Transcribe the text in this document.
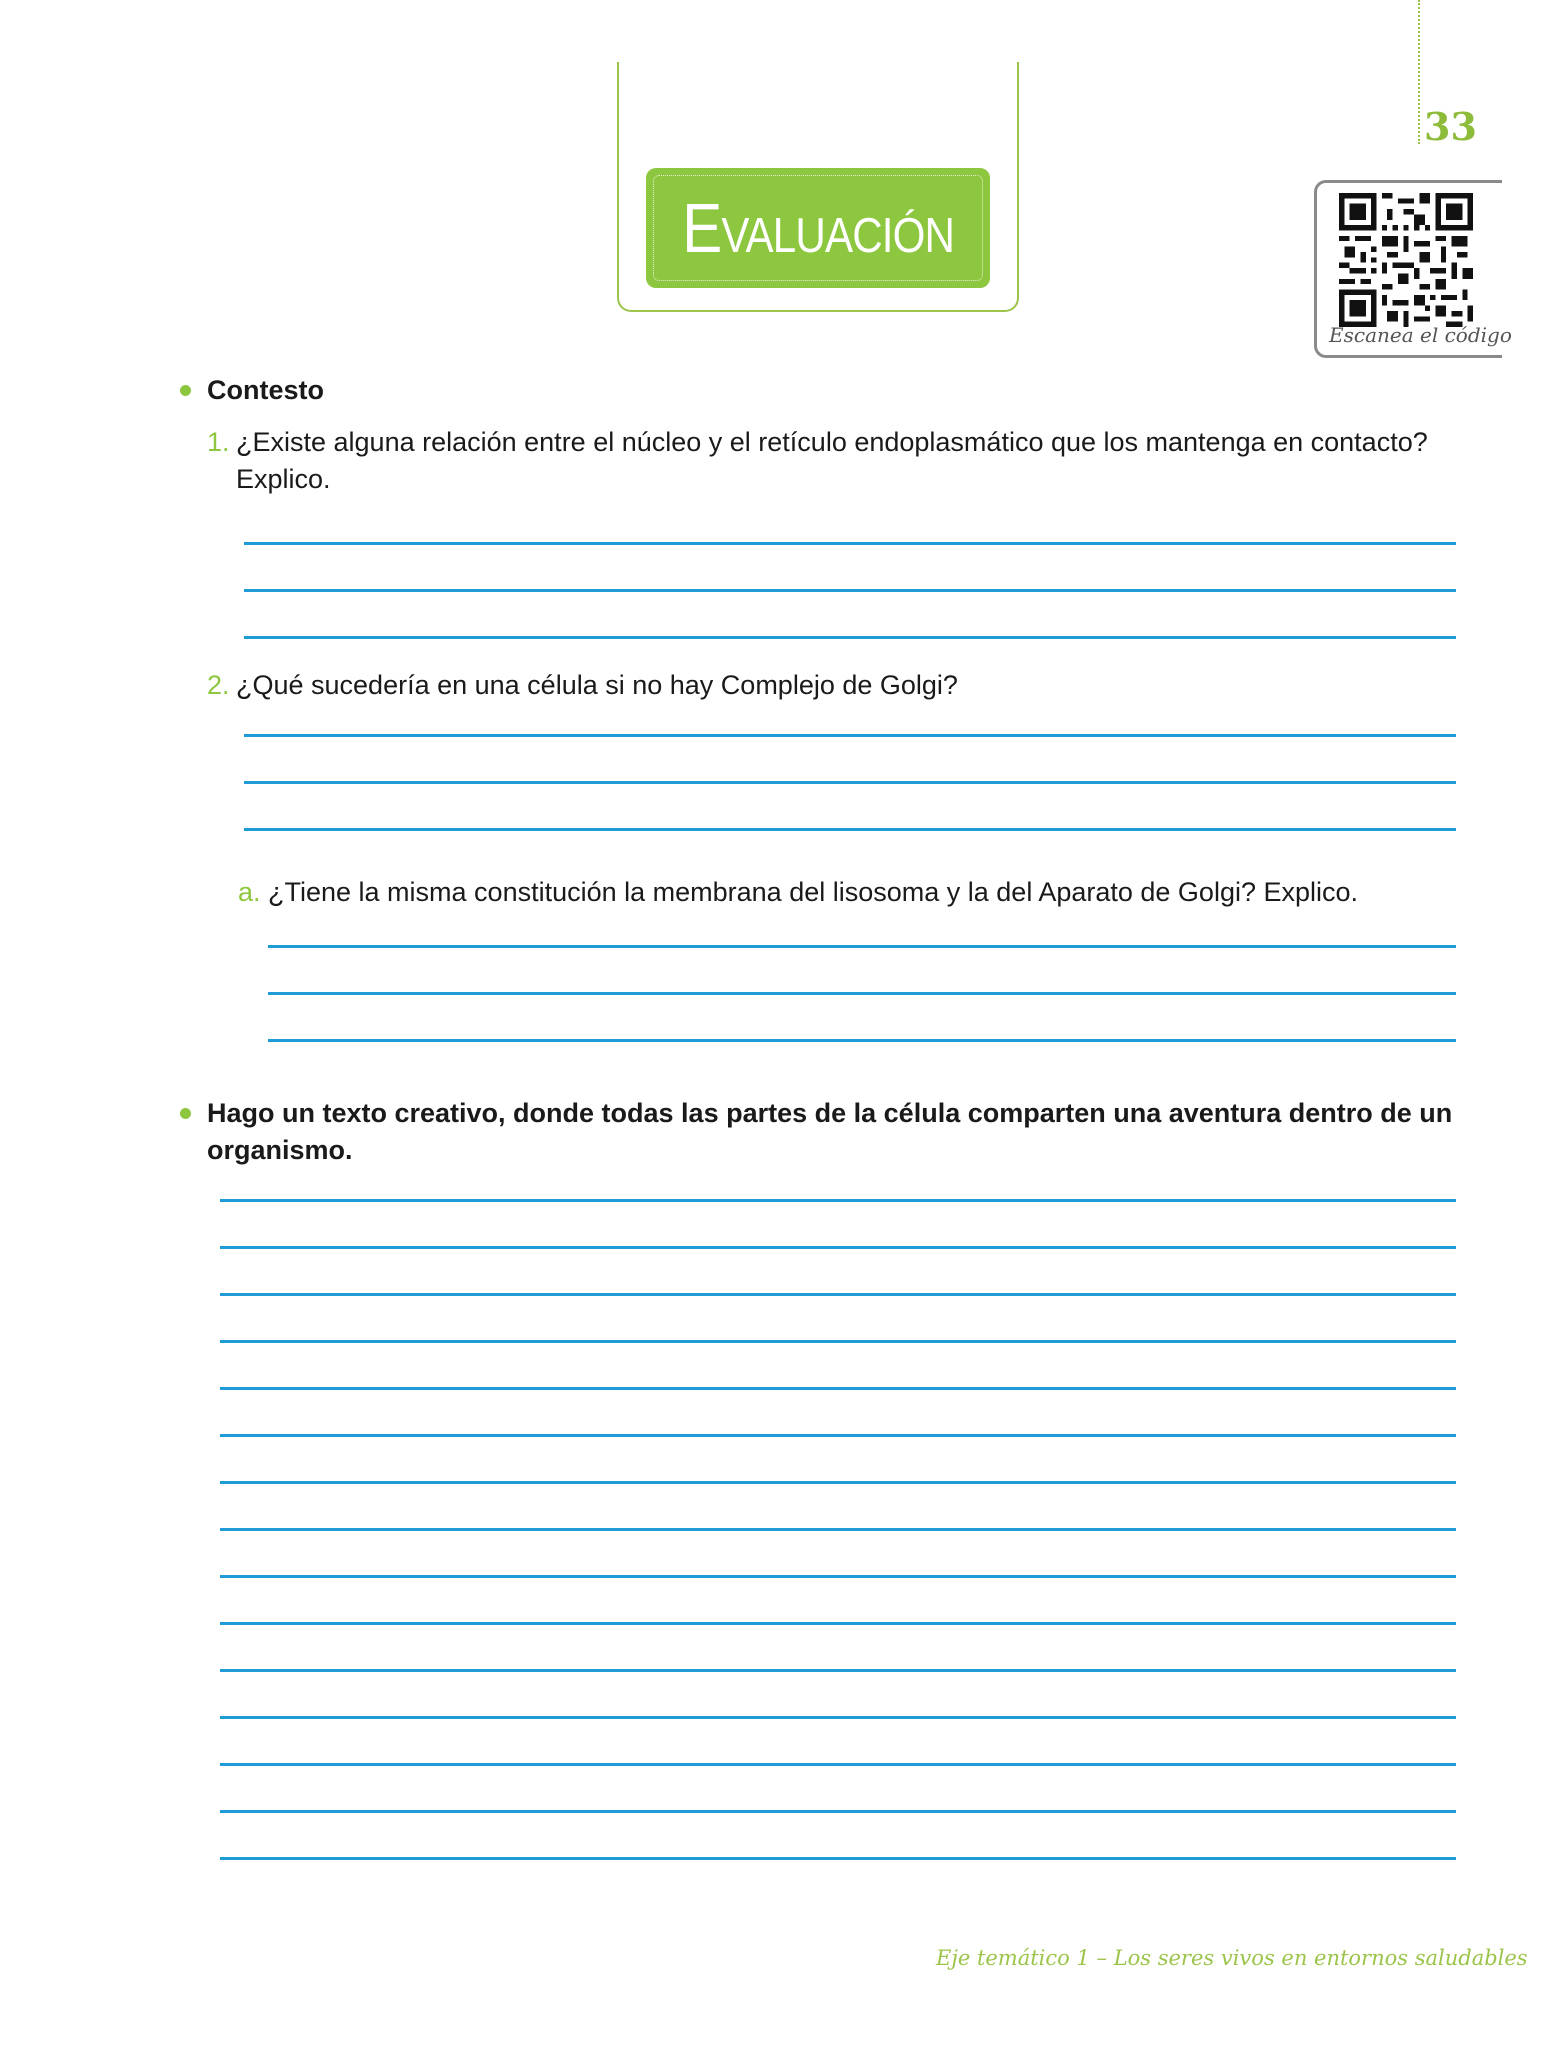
33
Evaluación
Escanea el código
Contesto
1. ¿Existe alguna relación entre el núcleo y el retículo endoplasmático que los mantenga en contacto?
Explico.
2. ¿Qué sucedería en una célula si no hay Complejo de Golgi?
a. ¿Tiene la misma constitución la membrana del lisosoma y la del Aparato de Golgi? Explico.
Hago un texto creativo, donde todas las partes de la célula comparten una aventura dentro de un
organismo.
Eje temático 1 – Los seres vivos en entornos saludables
